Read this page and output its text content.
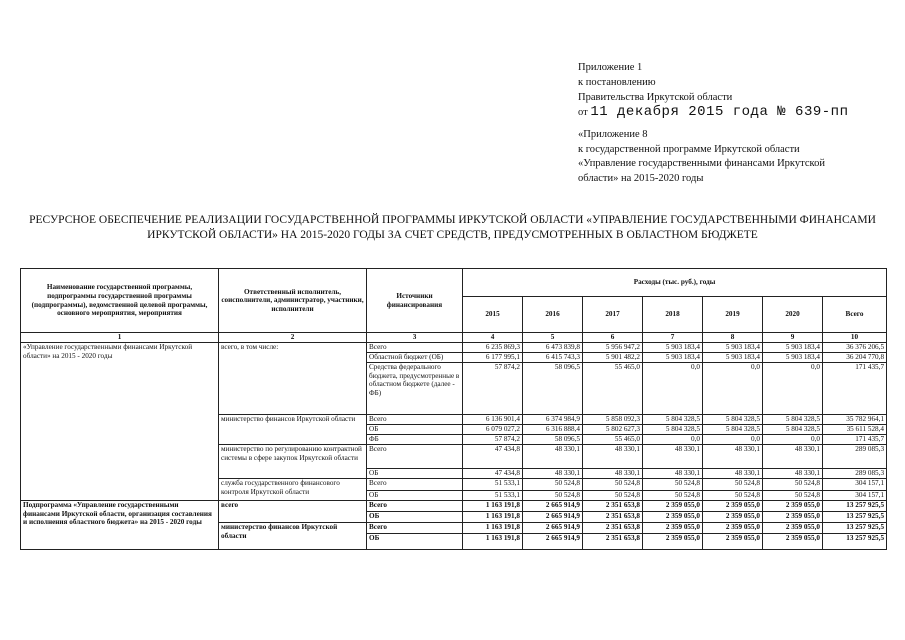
Приложение 1
к постановлению
Правительства Иркутской области
от 11 декабря 2015 года № 639-пп
«Приложение 8
к государственной программе Иркутской области
«Управление государственными финансами Иркутской
области» на 2015-2020 годы
РЕСУРСНОЕ ОБЕСПЕЧЕНИЕ РЕАЛИЗАЦИИ ГОСУДАРСТВЕННОЙ ПРОГРАММЫ ИРКУТСКОЙ ОБЛАСТИ «УПРАВЛЕНИЕ ГОСУДАРСТВЕННЫМИ ФИНАНСАМИ
ИРКУТСКОЙ ОБЛАСТИ» НА 2015-2020 ГОДЫ ЗА СЧЕТ СРЕДСТВ, ПРЕДУСМОТРЕННЫХ В ОБЛАСТНОМ БЮДЖЕТЕ
Наименование государственной программы, подпрограммы государственной программы (подпрограммы), ведомственной целевой программы, основного мероприятия, мероприятия	Ответственный исполнитель, соисполнители, администратор, участники, исполнители	Источники финансирования	Расходы (тыс. руб.), годы						
			2015	2016	2017	2018	2019	2020	Всего
1	2	3	4	5	6	7	8	9	10
«Управление государственными финансами Иркутской области» на 2015 - 2020 годы	всего, в том числе:	Всего	6 235 869,3	6 473 839,8	5 956 947,2	5 903 183,4	5 903 183,4	5 903 183,4	36 376 206,5
		Областной бюджет (ОБ)	6 177 995,1	6 415 743,3	5 901 482,2	5 903 183,4	5 903 183,4	5 903 183,4	36 204 770,8
		Средства федерального бюджета, предусмотренные в областном бюджете (далее - ФБ)	57 874,2	58 096,5	55 465,0	0,0	0,0	0,0	171 435,7
	министерство финансов Иркутской области	Всего	6 136 901,4	6 374 984,9	5 858 092,3	5 804 328,5	5 804 328,5	5 804 328,5	35 782 964,1
		ОБ	6 079 027,2	6 316 888,4	5 802 627,3	5 804 328,5	5 804 328,5	5 804 328,5	35 611 528,4
		ФБ	57 874,2	58 096,5	55 465,0	0,0	0,0	0,0	171 435,7
	министерство по регулированию контрактной системы в сфере закупок Иркутской области	Всего	47 434,8	48 330,1	48 330,1	48 330,1	48 330,1	48 330,1	289 085,3
		ОБ	47 434,8	48 330,1	48 330,1	48 330,1	48 330,1	48 330,1	289 085,3
	служба государственного финансового контроля Иркутской области	Всего	51 533,1	50 524,8	50 524,8	50 524,8	50 524,8	50 524,8	304 157,1
		ОБ	51 533,1	50 524,8	50 524,8	50 524,8	50 524,8	50 524,8	304 157,1
Подпрограмма «Управление государственными финансами Иркутской области, организация составления и исполнения областного бюджета» на 2015 - 2020 годы	всего	Всего	1 163 191,8	2 665 914,9	2 351 653,8	2 359 055,0	2 359 055,0	2 359 055,0	13 257 925,5
		ОБ	1 163 191,8	2 665 914,9	2 351 653,8	2 359 055,0	2 359 055,0	2 359 055,0	13 257 925,5
	министерство финансов Иркутской области	Всего	1 163 191,8	2 665 914,9	2 351 653,8	2 359 055,0	2 359 055,0	2 359 055,0	13 257 925,5
		ОБ	1 163 191,8	2 665 914,9	2 351 653,8	2 359 055,0	2 359 055,0	2 359 055,0	13 257 925,5
